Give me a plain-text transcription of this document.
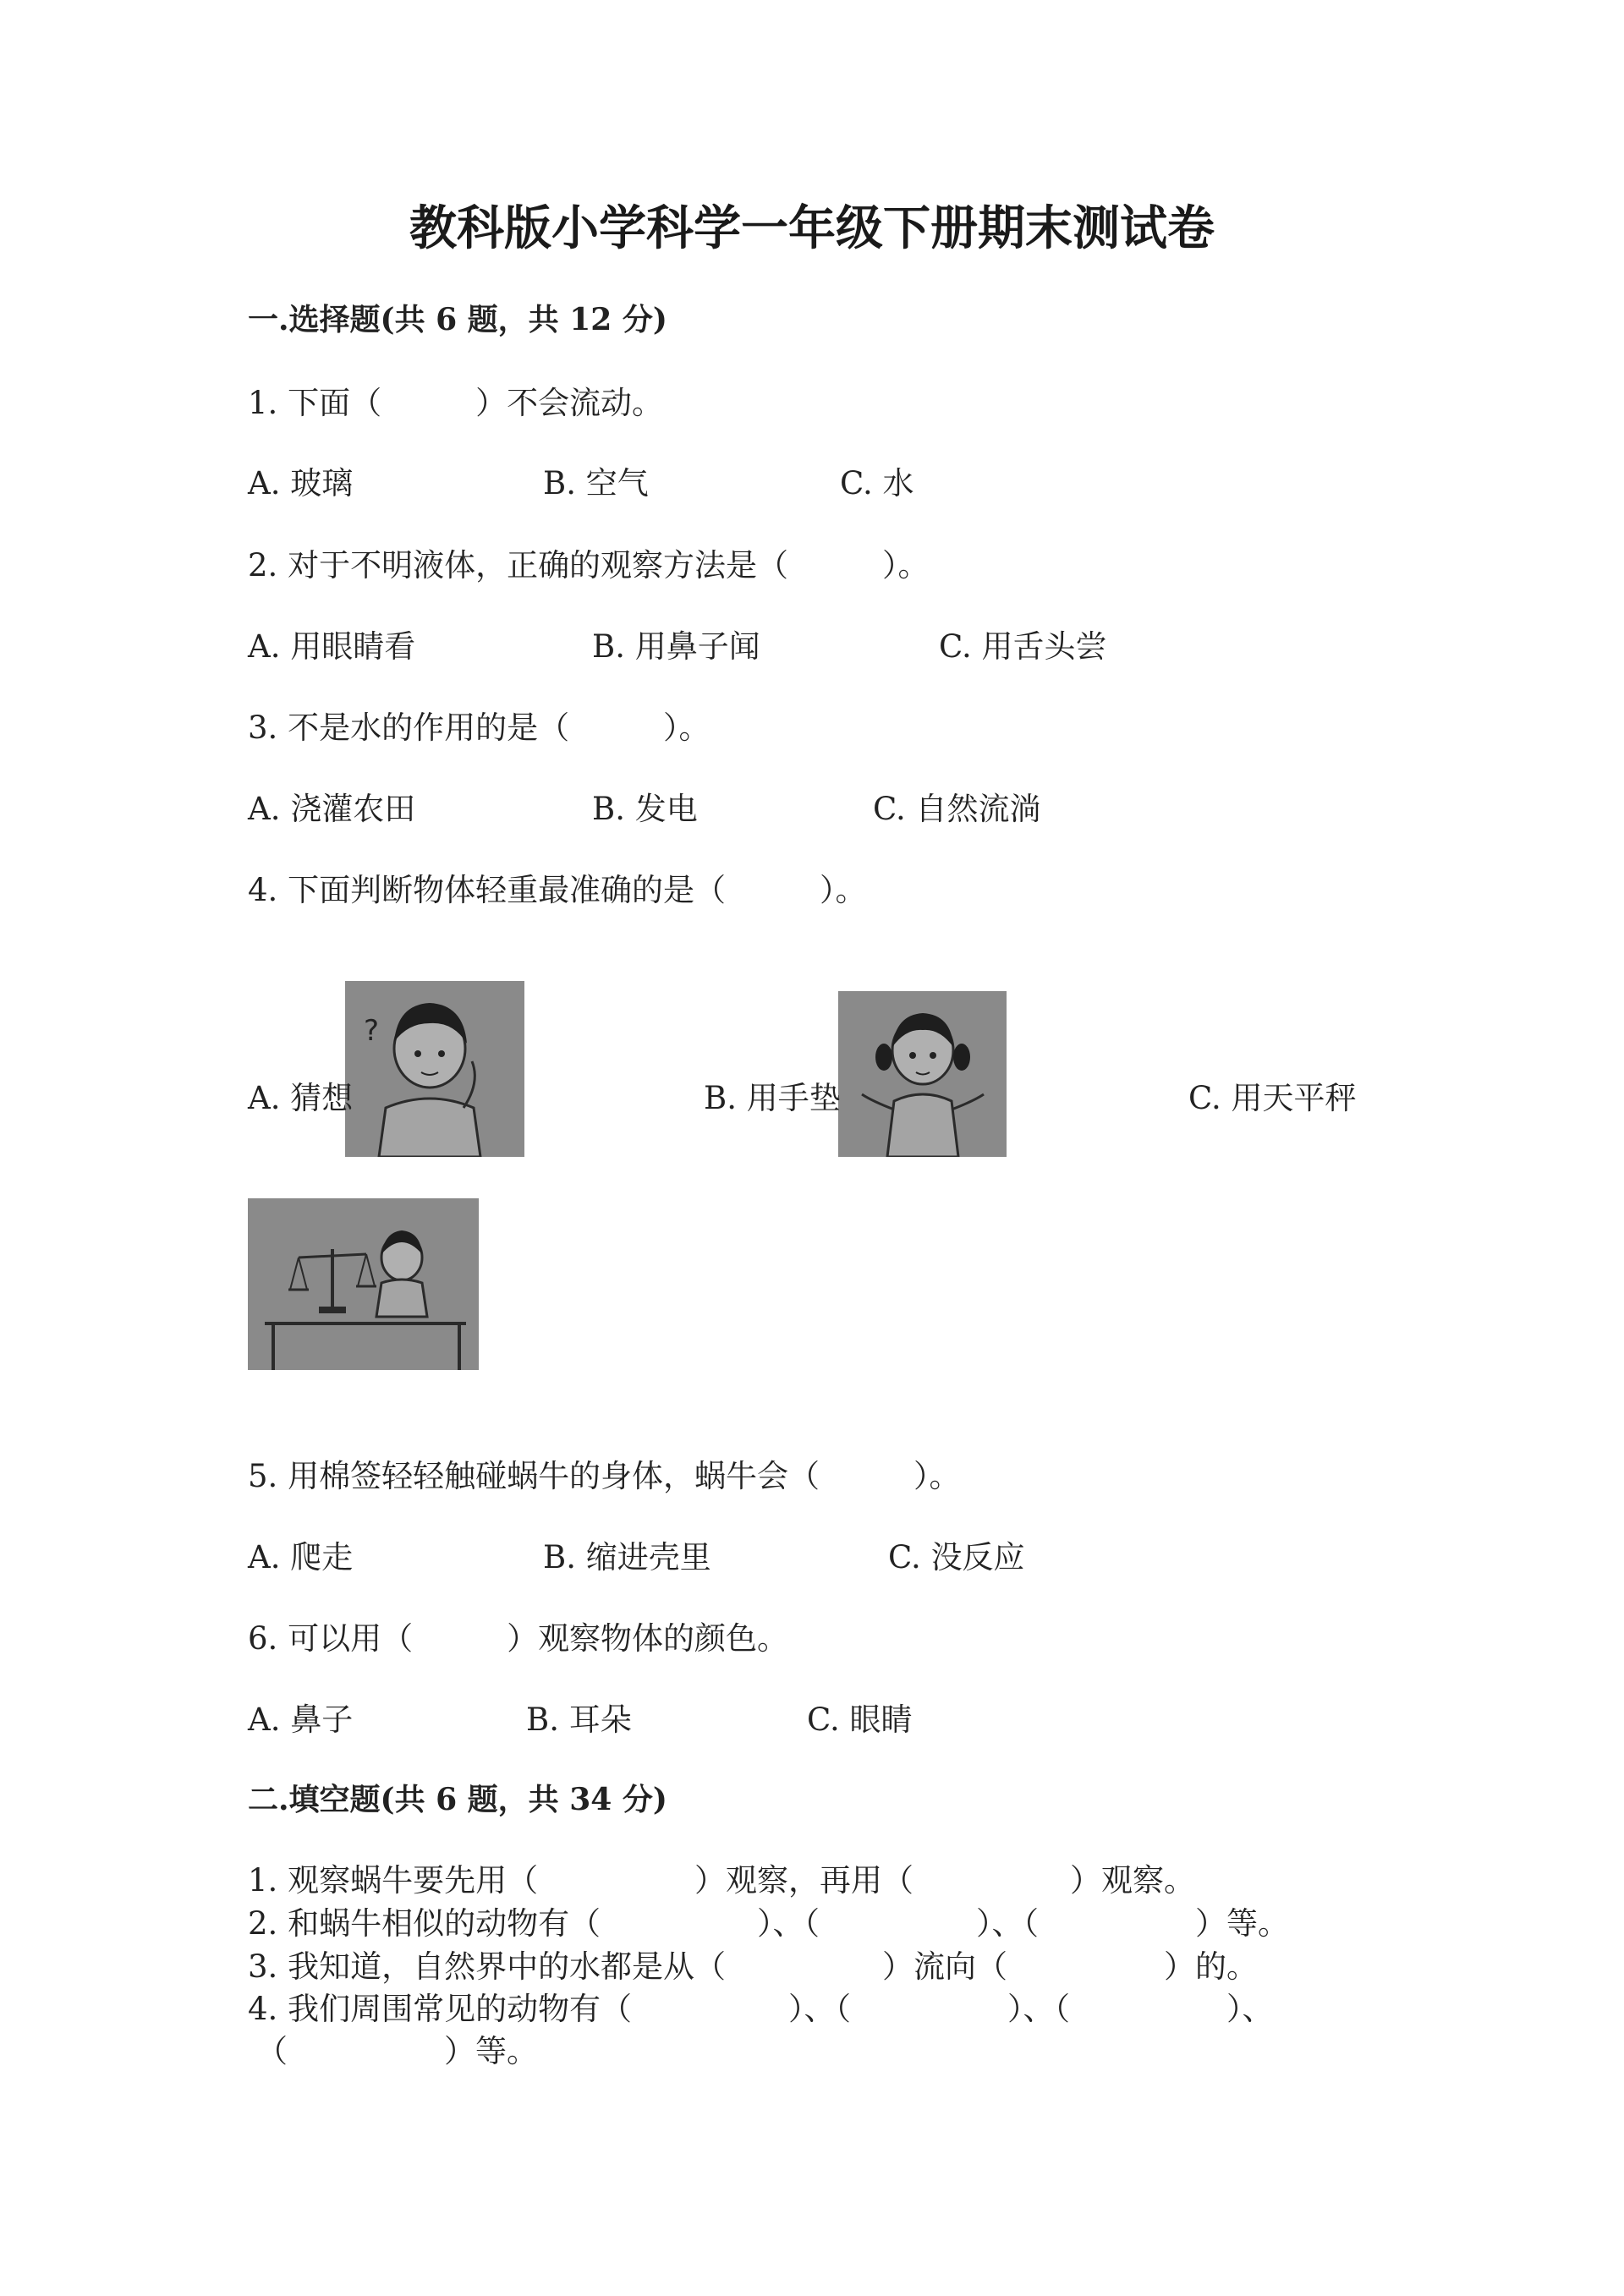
教科版小学科学一年级下册期末测试卷
一.选择题(共 6 题，共 12 分)
1. 下面（　　　）不会流动。
A. 玻璃	B. 空气	C. 水
2. 对于不明液体，正确的观察方法是（　　　）。
A. 用眼睛看	B. 用鼻子闻	C. 用舌头尝
3. 不是水的作用的是（　　　）。
A. 浇灌农田	B. 发电	C. 自然流淌
4. 下面判断物体轻重最准确的是（　　　）。
?
A. 猜想	B. 用手垫	C. 用天平秤
5. 用棉签轻轻触碰蜗牛的身体，蜗牛会（　　　）。
A. 爬走	B. 缩进壳里	C. 没反应
6. 可以用（　　　）观察物体的颜色。
A. 鼻子	B. 耳朵	C. 眼睛
二.填空题(共 6 题，共 34 分)
1. 观察蜗牛要先用（　　　　　）观察，再用（　　　　　）观察。
2. 和蜗牛相似的动物有（　　　　　）、（　　　　　）、（　　　　　）等。
3. 我知道，自然界中的水都是从（　　　　　）流向（　　　　　）的。
4. 我们周围常见的动物有（　　　　　）、（　　　　　）、（　　　　　）、
（　　　　　）等。
